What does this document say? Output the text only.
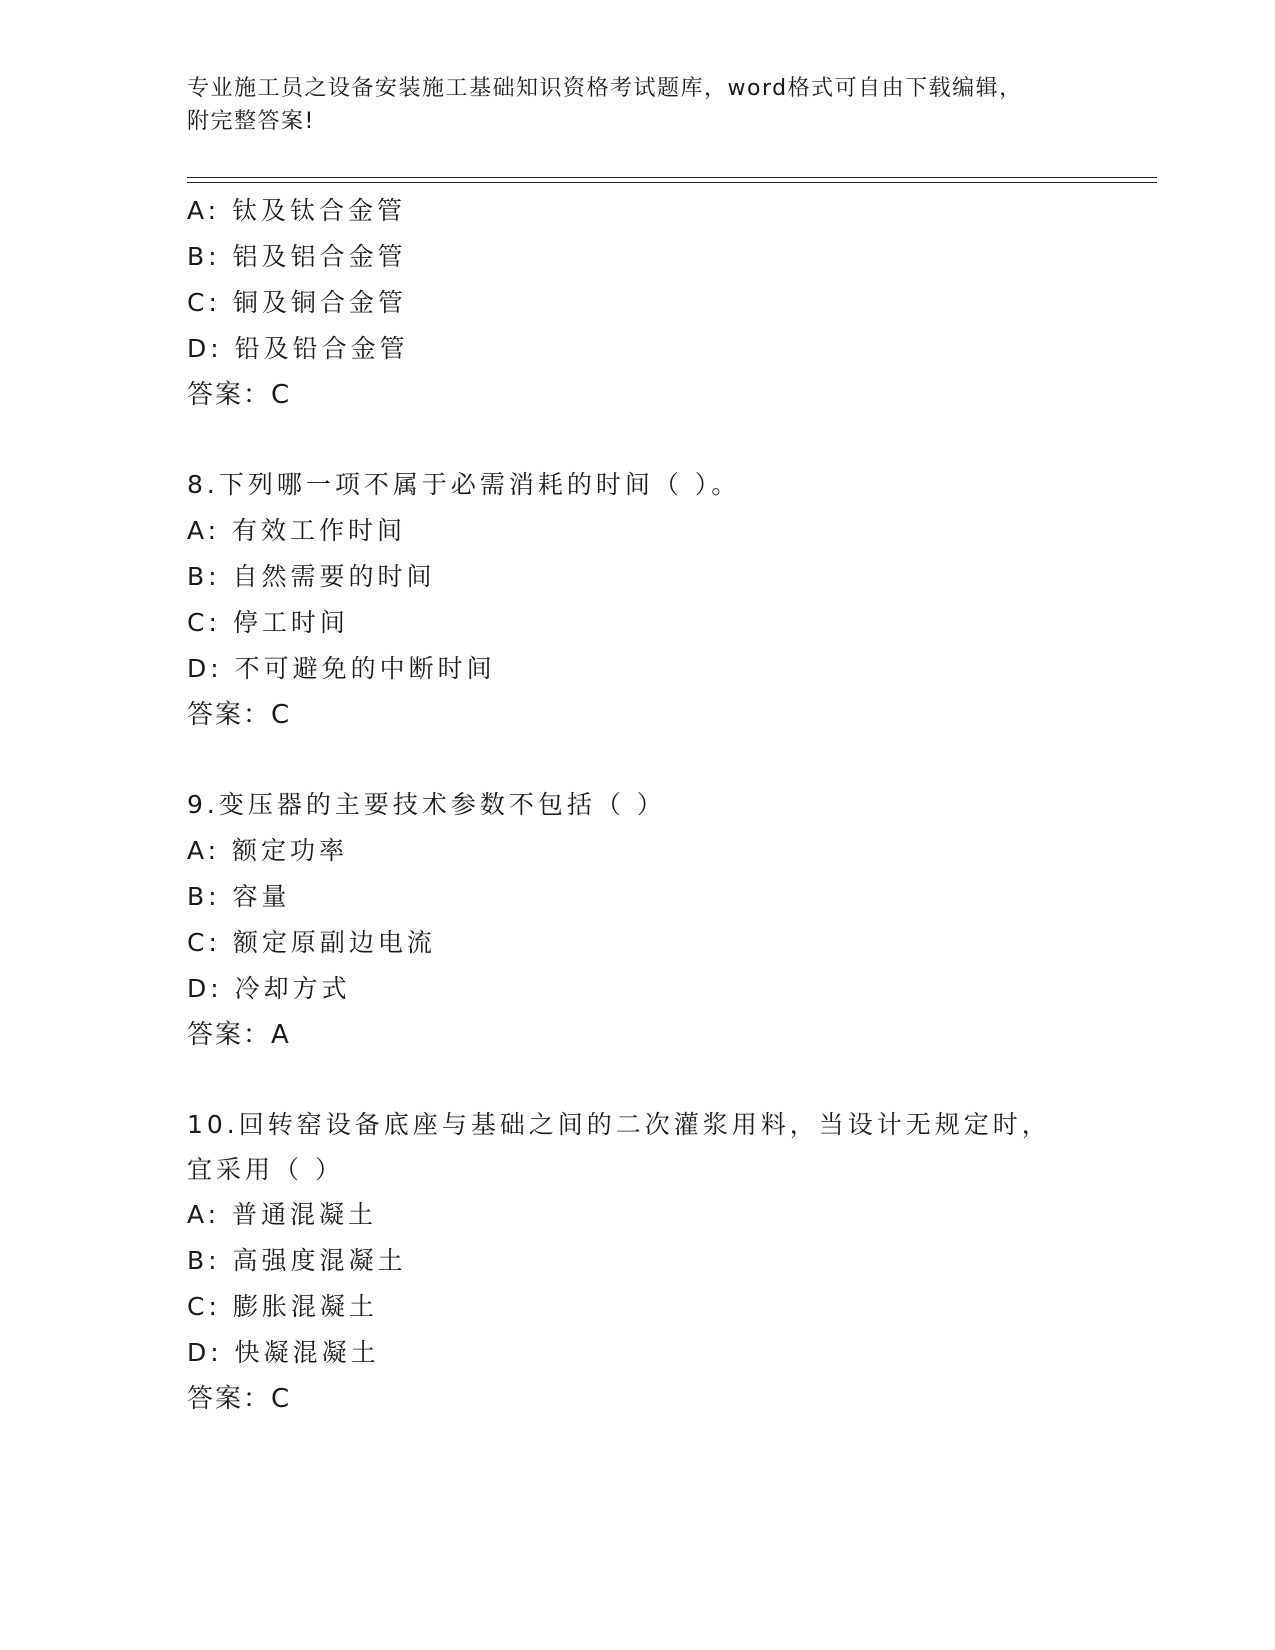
专业施工员之设备安装施工基础知识资格考试题库，word格式可自由下载编辑，
附完整答案!
A: 钛及钛合金管
B: 铝及铝合金管
C: 铜及铜合金管
D: 铅及铅合金管
答案：C
8.下列哪一项不属于必需消耗的时间（ ）。
A: 有效工作时间
B: 自然需要的时间
C: 停工时间
D: 不可避免的中断时间
答案：C
9.变压器的主要技术参数不包括（ ）
A: 额定功率
B: 容量
C: 额定原副边电流
D: 冷却方式
答案：A
10.回转窑设备底座与基础之间的二次灌浆用料，当设计无规定时，宜采用（ ）
A: 普通混凝土
B: 高强度混凝土
C: 膨胀混凝土
D: 快凝混凝土
答案：C
